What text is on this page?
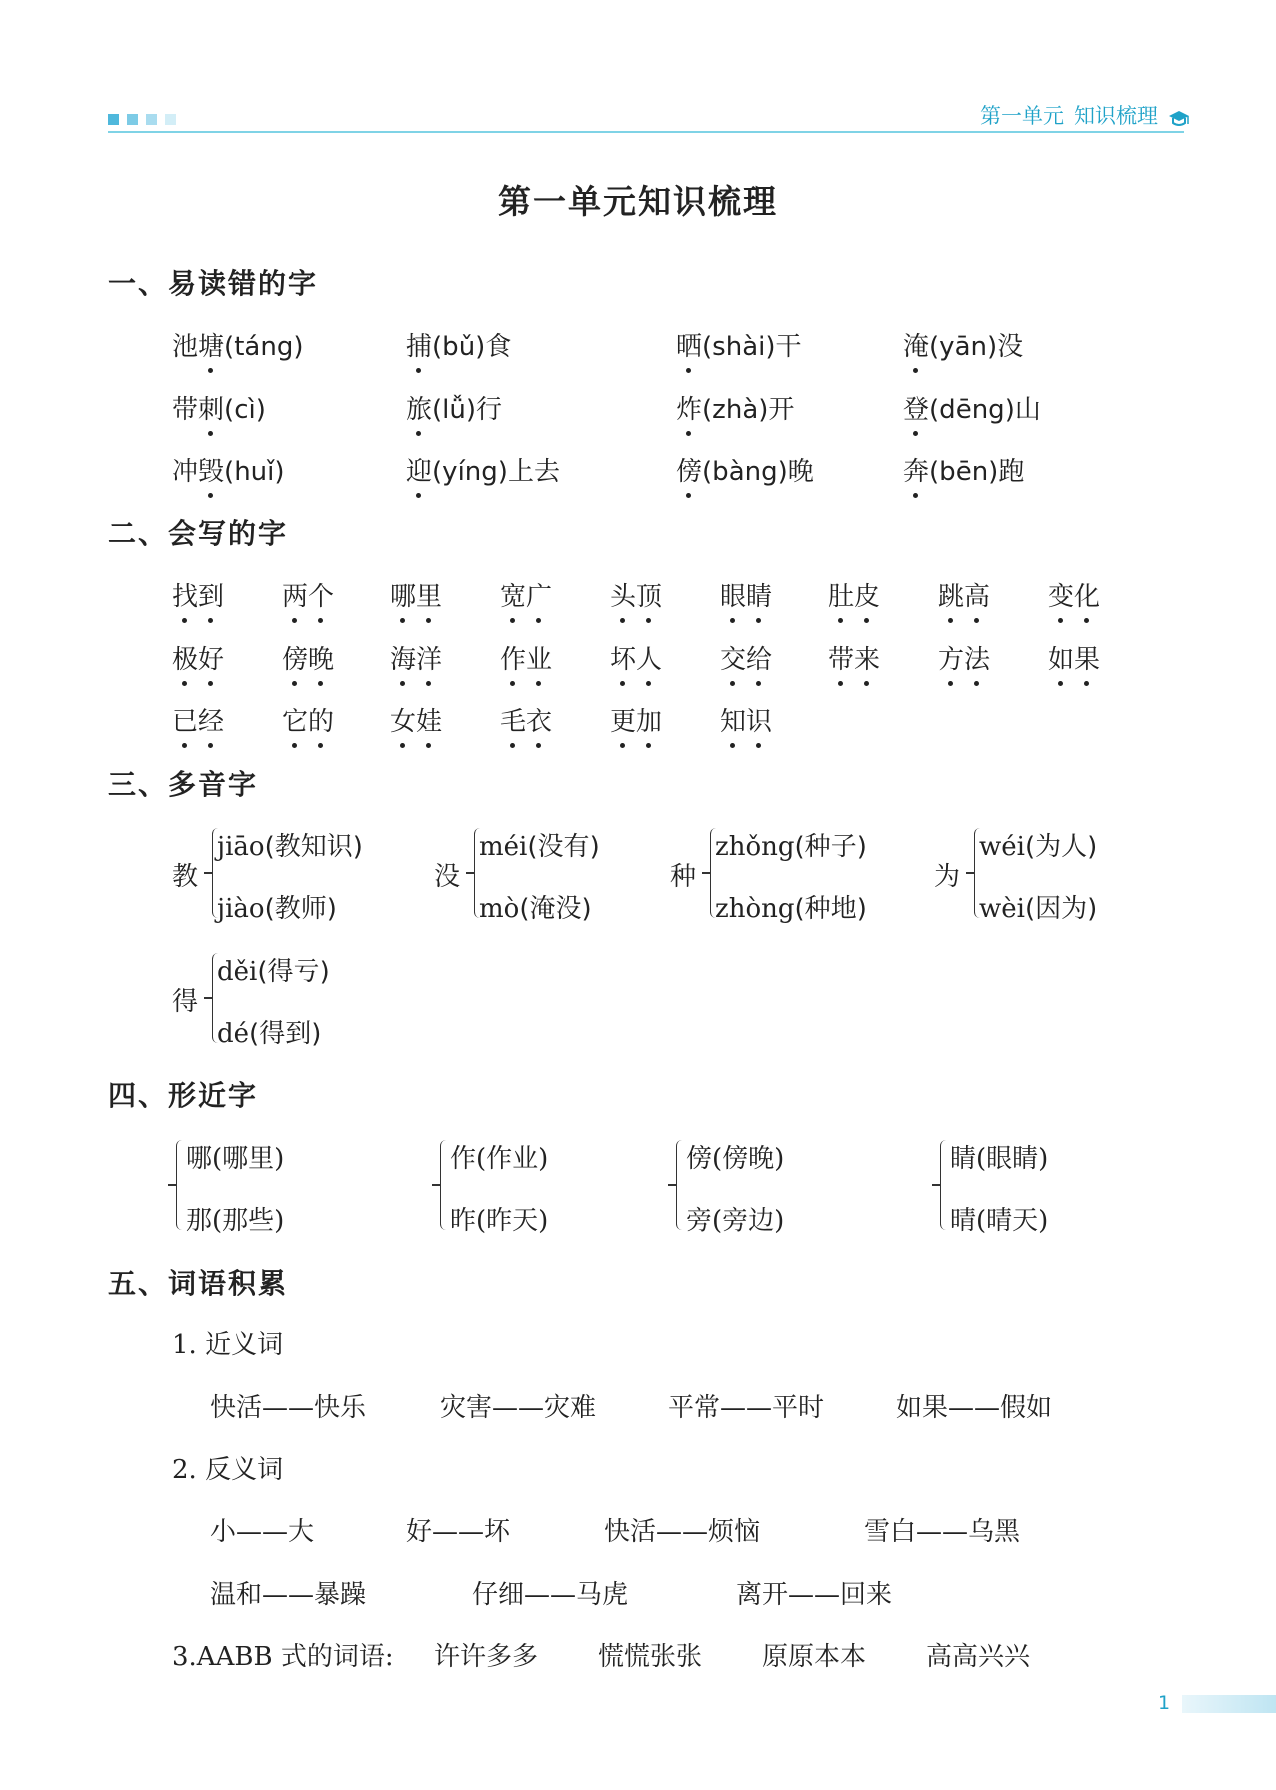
第一单元 知识梳理
第一单元知识梳理
一、易读错的字
池塘(táng)	捕(bǔ)食	晒(shài)干	淹(yān)没
带刺(cì)	旅(lǚ)行	炸(zhà)开	登(dēng)山
冲毁(huǐ)	迎(yíng)上去	傍(bàng)晚	奔(bēn)跑
二、会写的字
找到 两个 哪里 宽广 头顶 眼睛 肚皮 跳高 变化
极好 傍晚 海洋 作业 坏人 交给 带来 方法 如果
已经 它的 女娃 毛衣 更加 知识
三、多音字
教
jiāo(教知识)
jiào(教师)
没
méi(没有)
mò(淹没)
种
zhǒng(种子)
zhòng(种地)
为
wéi(为人)
wèi(因为)
得
děi(得亏)
dé(得到)
四、形近字
哪(哪里)
那(那些)
作(作业)
昨(昨天)
傍(傍晚)
旁(旁边)
睛(眼睛)
晴(晴天)
五、词语积累
1. 近义词
快活——快乐	灾害——灾难	平常——平时	如果——假如
2. 反义词
小——大	好——坏	快活——烦恼	雪白——乌黑
温和——暴躁	仔细——马虎	离开——回来
3.AABB 式的词语: 许许多多 慌慌张张 原原本本 高高兴兴
1
